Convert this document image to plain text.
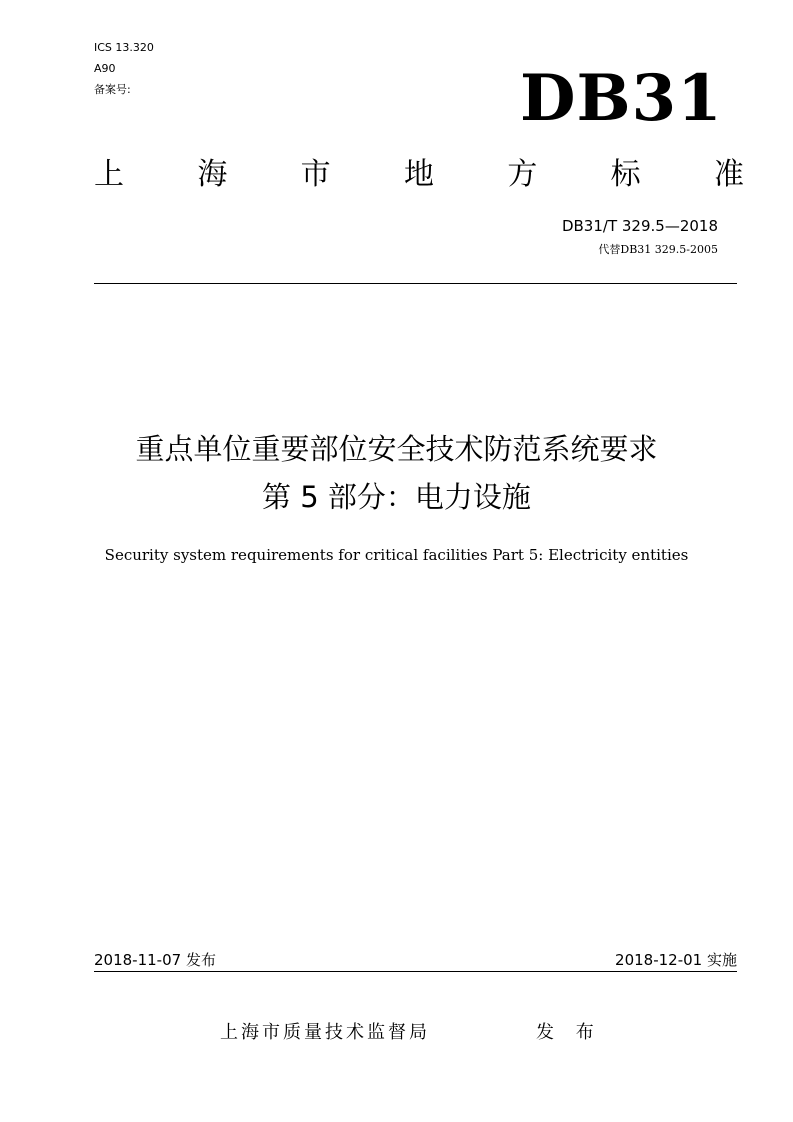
ICS 13.320
A90
备案号:	DB31
上 海 市 地 方 标 准
DB31/T 329.5—2018
代替DB31 329.5-2005
重点单位重要部位安全技术防范系统要求
第 5 部分：电力设施
Security system requirements for critical facilities Part 5: Electricity entities
2018-11-07 发布	2018-12-01 实施
上海市质量技术监督局	发 布
